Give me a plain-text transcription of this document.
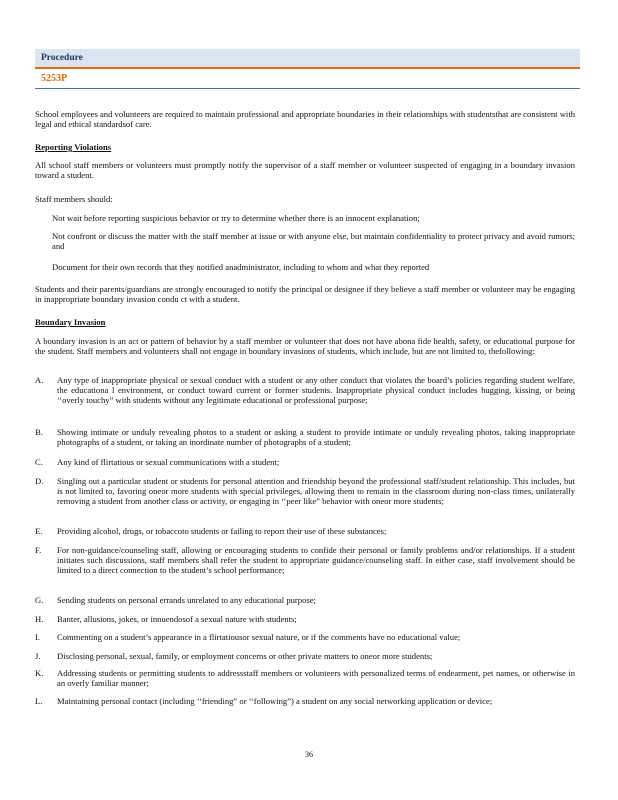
Procedure
5253P
School employees and volunteers are required to maintain professional and appropriate boundaries in their relationships with studentsthat are consistent with legal and ethical standardsof care.
Reporting Violations
All school staff members or volunteers must promptly notify the supervisor of a staff member or volunteer suspected of engaging in a boundary invasion toward a student.
Staff members should:
Not wait before reporting suspicious behavior or try to determine whether there is an innocent explanation;
Not confront or discuss the matter with the staff member at issue or with anyone else, but maintain confidentiality to protect privacy and avoid rumors; and
Document for their own records that they notified anadministrator, including to whom and what they reported
Students and their parents/guardians are strongly encouraged to notify the principal or designee if they believe a staff member or volunteer may be engaging in inappropriate boundary invasion condu ct with a student.
Boundary Invasion
A boundary invasion is an act or pattern of behavior by a staff member or volunteer that does not have abona fide health, safety, or educational purpose for the student. Staff members and volunteers shall not engage in boundary invasions of students, which include, but are not limited to, thefollowing:
A. Any type of inappropriate physical or sexual conduct with a student or any other conduct that violates the board’s policies regarding student welfare, the educationa l environment, or conduct toward current or former students. Inappropriate physical conduct includes hugging, kissing, or being ‘‘overly touchy” with students without any legitimate educational or professional purpose;
B. Showing intimate or unduly revealing photos to a student or asking a student to provide intimate or unduly revealing photos, taking inappropriate photographs of a student, or taking an inordinate number of photographs of a student;
C. Any kind of flirtatious or sexual communications with a student;
D. Singling out a particular student or students for personal attention and friendship beyond the professional staff/student relationship. This includes, but is not limited to, favoring oneor more students with special privileges, allowing them to remain in the classroom during non-class times, unilaterally removing a student from another class or activity, or engaging in ‘‘peer like” behavior with oneor more students;
E. Providing alcohol, drugs, or tobaccoto students or failing to report their use of these substances;
F. For non-guidance/counseling staff, allowing or encouraging students to confide their personal or family problems and/or relationships. If a student initiates such discussions, staff members shall refer the student to appropriate guidance/counseling staff. In either case, staff involvement should be limited to a direct connection to the student’s school performance;
G. Sending students on personal errands unrelated to any educational purpose;
H. Banter, allusions, jokes, or innuendosof a sexual nature with students;
I. Commenting on a student’s appearance in a flirtatiousor sexual nature, or if the comments have no educational value;
J. Disclosing personal, sexual, family, or employment concerns or other private matters to oneor more students;
K. Addressing students or permitting students to addressstaff members or volunteers with personalized terms of endearment, pet names, or otherwise in an overly familiar manner;
L. Maintaining personal contact (including ‘‘friending” or ‘‘following”) a student on any social networking application or device;
36
